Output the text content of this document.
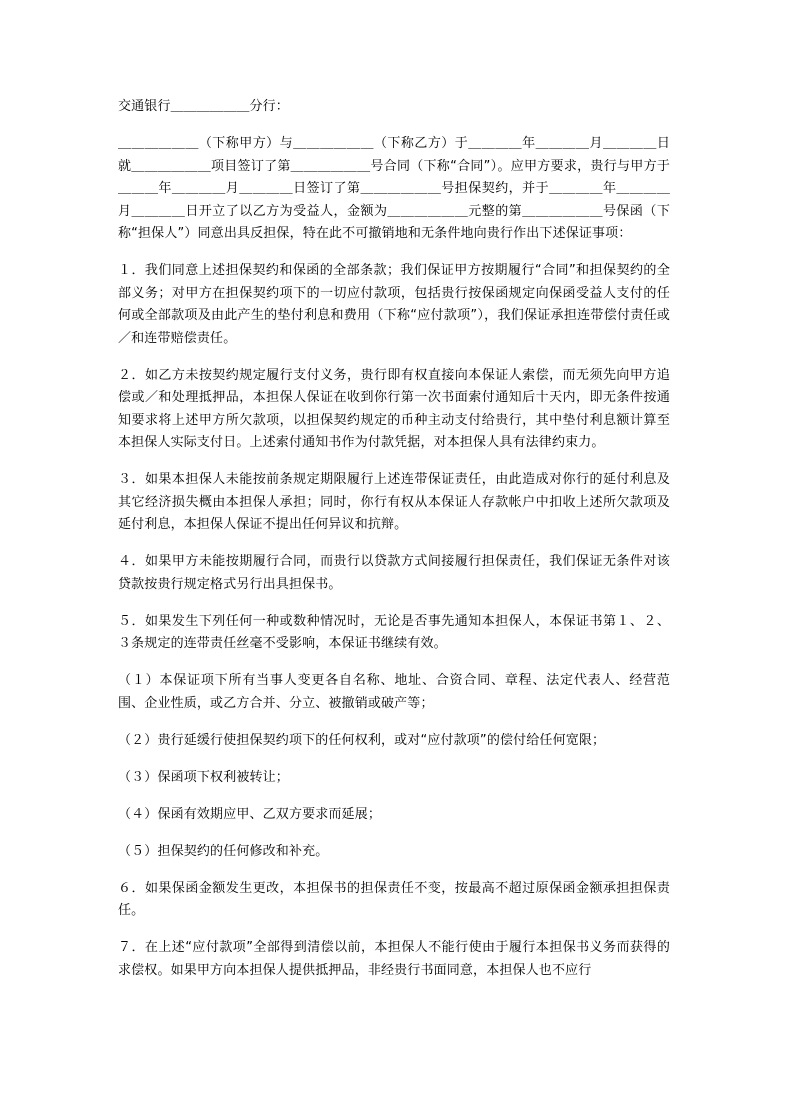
交通银行＿＿＿＿＿＿分行：

＿＿＿＿＿＿（下称甲方）与＿＿＿＿＿＿（下称乙方）于＿＿＿＿年＿＿＿＿月＿＿＿＿日就＿＿＿＿＿＿项目签订了第＿＿＿＿＿＿号合同（下称“合同”）。应甲方要求，贵行与甲方于＿＿＿年＿＿＿＿月＿＿＿＿日签订了第＿＿＿＿＿＿号担保契约，并于＿＿＿＿年＿＿＿＿月＿＿＿＿日开立了以乙方为受益人，金额为＿＿＿＿＿＿元整的第＿＿＿＿＿＿号保函（下称“担保人”）同意出具反担保，特在此不可撤销地和无条件地向贵行作出下述保证事项：

１．我们同意上述担保契约和保函的全部条款；我们保证甲方按期履行“合同”和担保契约的全部义务；对甲方在担保契约项下的一切应付款项，包括贵行按保函规定向保函受益人支付的任何或全部款项及由此产生的垫付利息和费用（下称“应付款项”），我们保证承担连带偿付责任或／和连带赔偿责任。

２．如乙方未按契约规定履行支付义务，贵行即有权直接向本保证人索偿，而无须先向甲方追偿或／和处理抵押品，本担保人保证在收到你行第一次书面索付通知后十天内，即无条件按通知要求将上述甲方所欠款项，以担保契约规定的币种主动支付给贵行，其中垫付利息额计算至本担保人实际支付日。上述索付通知书作为付款凭据，对本担保人具有法律约束力。

３．如果本担保人未能按前条规定期限履行上述连带保证责任，由此造成对你行的延付利息及其它经济损失概由本担保人承担；同时，你行有权从本保证人存款帐户中扣收上述所欠款项及延付利息，本担保人保证不提出任何异议和抗辩。

４．如果甲方未能按期履行合同，而贵行以贷款方式间接履行担保责任，我们保证无条件对该贷款按贵行规定格式另行出具担保书。

５．如果发生下列任何一种或数种情况时，无论是否事先通知本担保人，本保证书第１、２、３条规定的连带责任丝毫不受影响，本保证书继续有效。

（１）本保证项下所有当事人变更各自名称、地址、合资合同、章程、法定代表人、经营范围、企业性质，或乙方合并、分立、被撤销或破产等；

（２）贵行延缓行使担保契约项下的任何权利，或对“应付款项”的偿付给任何宽限；

（３）保函项下权利被转让；

（４）保函有效期应甲、乙双方要求而延展；

（５）担保契约的任何修改和补充。

６．如果保函金额发生更改，本担保书的担保责任不变，按最高不超过原保函金额承担担保责任。

７．在上述“应付款项”全部得到清偿以前，本担保人不能行使由于履行本担保书义务而获得的求偿权。如果甲方向本担保人提供抵押品，非经贵行书面同意，本担保人也不应行
